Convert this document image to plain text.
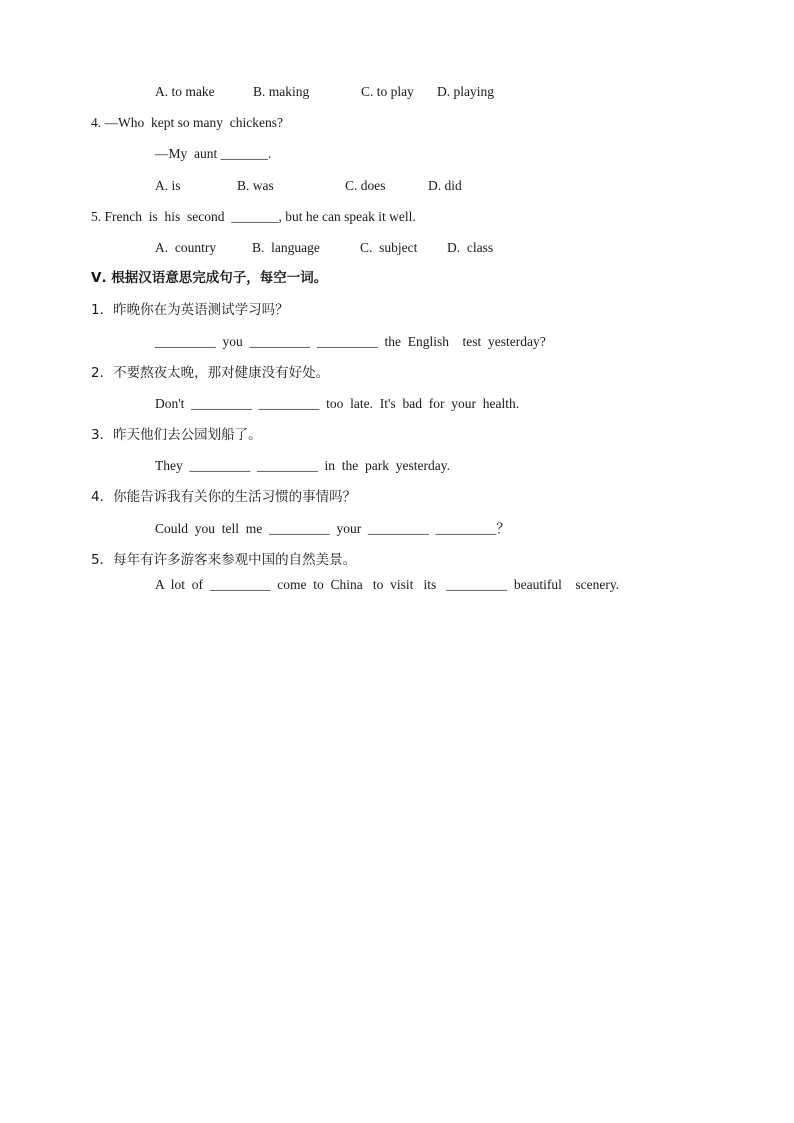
A. to make	B. making	C. to play D. playing
4. —Who  kept so many  chickens?
—My  aunt _______.
A. is	B. was	C. does	D. did
5. French  is  his  second  _______, but he can speak it well.
A.  country	B.  language	C.  subject D.  class
Ⅴ. 根据汉语意思完成句子，每空一词。
1．昨晚你在为英语测试学习吗？
_________  you  _________  _________  the  English    test  yesterday?
2．不要熬夜太晚，那对健康没有好处。
Don't  _________  _________  too  late.  It's  bad  for  your  health.
3．昨天他们去公园划船了。
They  _________  _________  in  the  park  yesterday.
4．你能告诉我有关你的生活习惯的事情吗？
Could  you  tell  me  _________  your  _________  _________？
5．每年有许多游客来参观中国的自然美景。
A  lot  of  _________  come  to  China   to  visit   its   _________  beautiful    scenery.
